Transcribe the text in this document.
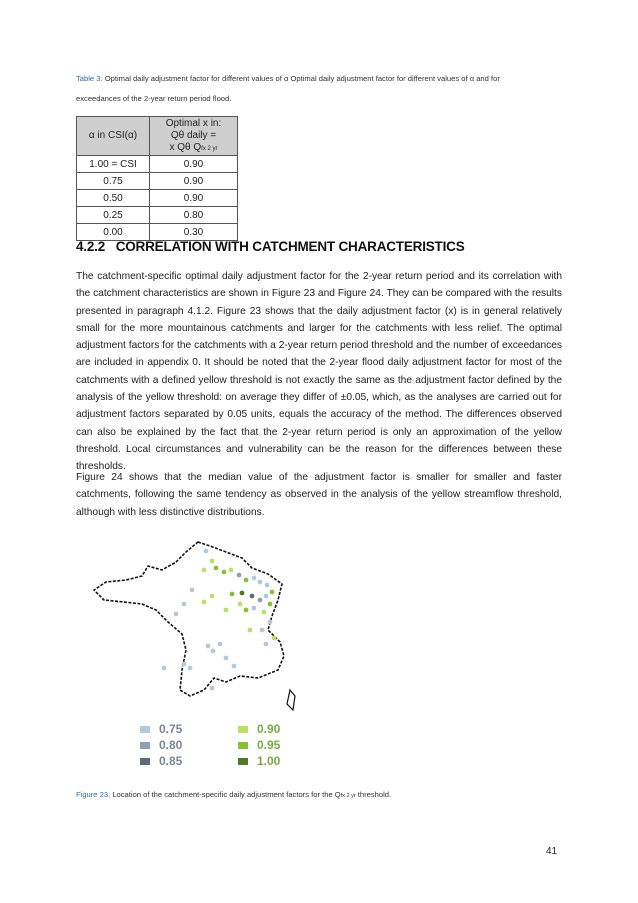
Table 3. Optimal daily adjustment factor for different values of α Optimal daily adjustment factor for different values of α and for
exceedances of the 2-year return period flood.
α in CSI(α)	Optimal x in:
Qθ daily =
x Qθ Qfx 2 yr
1.00 = CSI	0.90
0.75	0.90
0.50	0.90
0.25	0.80
0.00	0.30
4.2.2 CORRELATION WITH CATCHMENT CHARACTERISTICS

The catchment-specific optimal daily adjustment factor for the 2-year return period and its correlation with the catchment characteristics are shown in Figure 23 and Figure 24. They can be compared with the results presented in paragraph 4.1.2. Figure 23 shows that the daily adjustment factor (x) is in general relatively small for the more mountainous catchments and larger for the catchments with less relief. The optimal adjustment factors for the catchments with a 2-year return period threshold and the number of exceedances are included in appendix 0. It should be noted that the 2-year flood daily adjustment factor for most of the catchments with a defined yellow threshold is not exactly the same as the adjustment factor defined by the analysis of the yellow threshold: on average they differ of ±0.05, which, as the analyses are carried out for adjustment factors separated by 0.05 units, equals the accuracy of the method. The differences observed can also be explained by the fact that the 2-year return period is only an approximation of the yellow threshold. Local circumstances and vulnerability can be the reason for the differences between these thresholds.

Figure 24 shows that the median value of the adjustment factor is smaller for smaller and faster catchments, following the same tendency as observed in the analysis of the yellow streamflow threshold, although with less distinctive distributions.

0.75
0.80
0.85
0.90
0.95
1.00
Figure 23. Location of the catchment-specific daily adjustment factors for the Qfx 2 yr threshold.
41
